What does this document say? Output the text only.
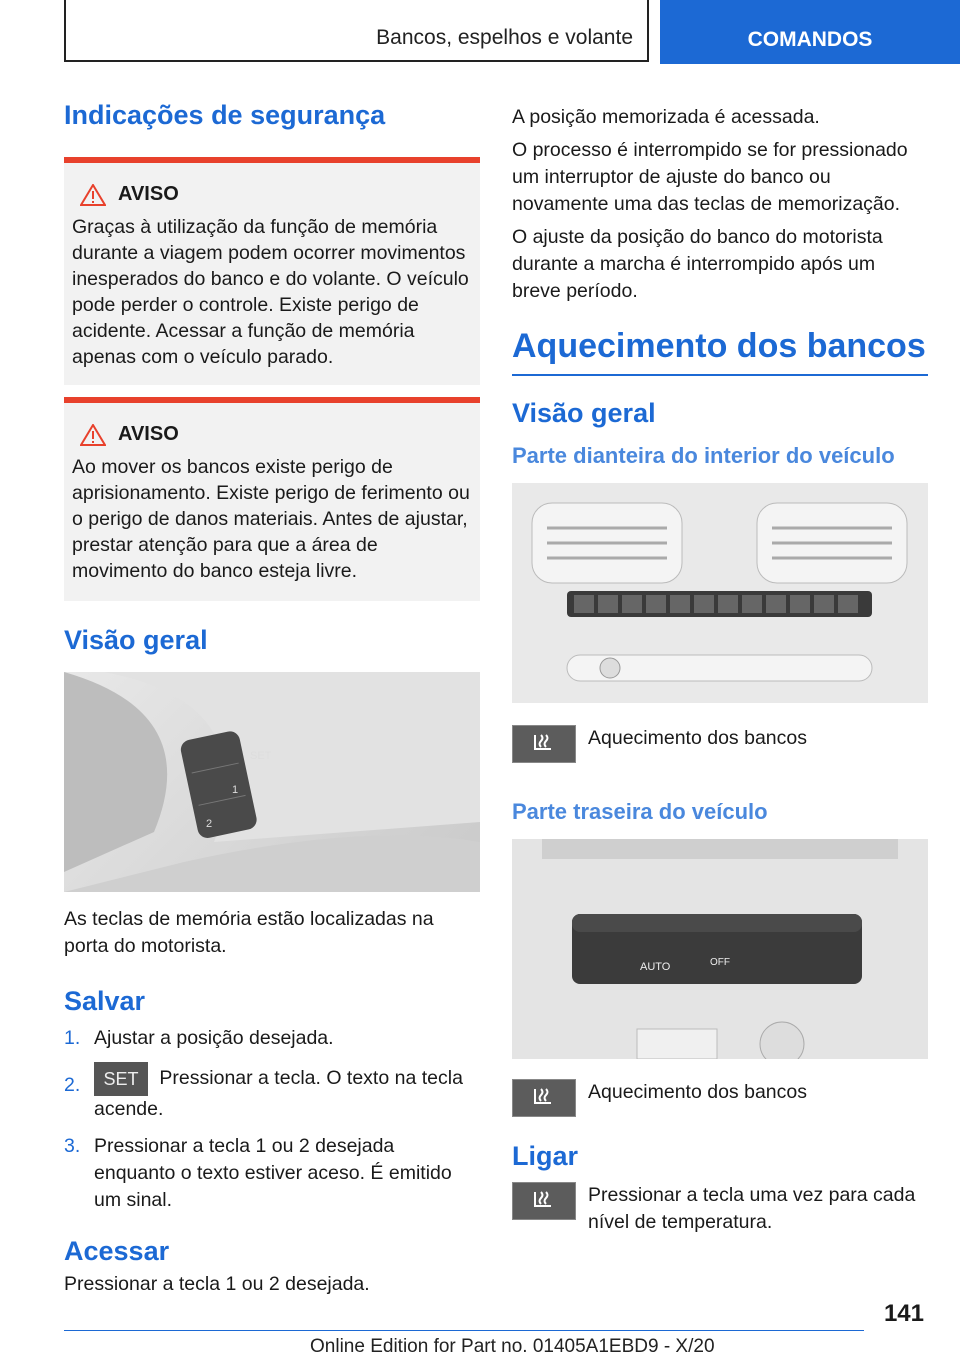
Bancos, espelhos e volante	COMANDOS
Indicações de segurança
AVISO
Graças à utilização da função de memória durante a viagem podem ocorrer movimentos inesperados do banco e do volante. O veículo pode perder o controle. Existe perigo de acidente. Acessar a função de memória apenas com o veículo parado.
AVISO
Ao mover os bancos existe perigo de aprisionamento. Existe perigo de ferimento ou o perigo de danos materiais. Antes de ajustar, prestar atenção para que a área de movimento do banco esteja livre.
Visão geral
SET
1
2

As teclas de memória estão localizadas na porta do motorista.

Salvar
1. Ajustar a posição desejada.
2.	SET Pressionar a tecla. O texto na tecla acende.
3. Pressionar a tecla 1 ou 2 desejada enquanto o texto estiver aceso. É emitido um sinal.
Acessar

Pressionar a tecla 1 ou 2 desejada.

A posição memorizada é acessada.

O processo é interrompido se for pressionado um interruptor de ajuste do banco ou novamente uma das teclas de memorização.

O ajuste da posição do banco do motorista durante a marcha é interrompido após um breve período.

Aquecimento dos bancos
Visão geral
Parte dianteira do interior do veículo

Aquecimento dos bancos

Parte traseira do veículo
AUTO	OFF

Aquecimento dos bancos

Ligar

Pressionar a tecla uma vez para cada nível de temperatura.

141
Online Edition for Part no. 01405A1EBD9 - X/20
